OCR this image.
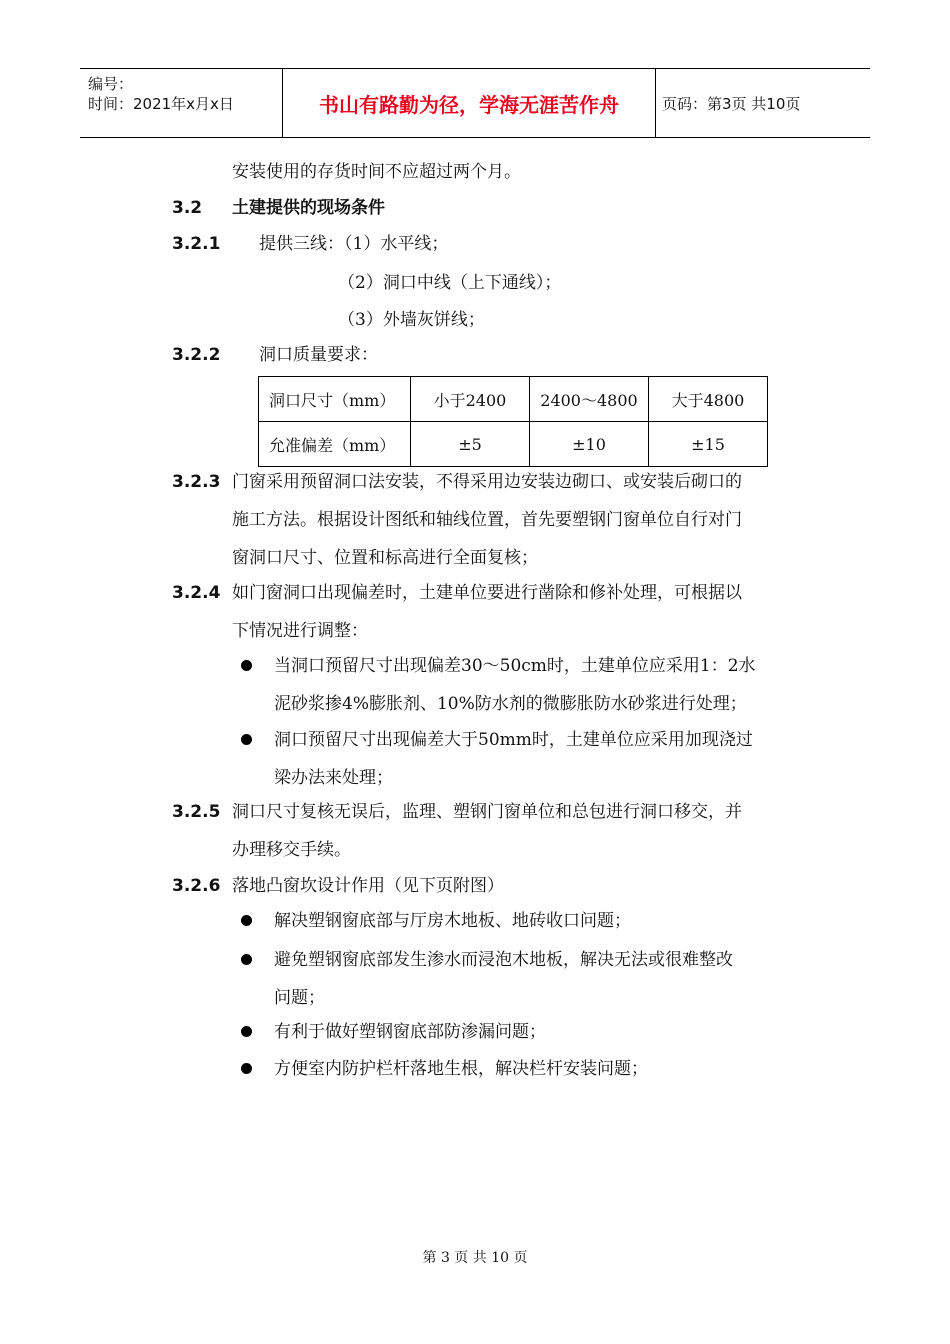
编号：
时间：2021年x月x日	书山有路勤为径，学海无涯苦作舟	页码：第3页 共10页
安装使用的存货时间不应超过两个月。
3.2 土建提供的现场条件
3.2.1 提供三线：（1）水平线；
（2）洞口中线（上下通线）；
（3）外墙灰饼线；
3.2.2 洞口质量要求：
洞口尺寸（mm）	小于2400	2400～4800	大于4800
允准偏差（mm）	±5	±10	±15
3.2.3 门窗采用预留洞口法安装，不得采用边安装边砌口、或安装后砌口的
施工方法。根据设计图纸和轴线位置，首先要塑钢门窗单位自行对门
窗洞口尺寸、位置和标高进行全面复核；
3.2.4 如门窗洞口出现偏差时，土建单位要进行凿除和修补处理，可根据以
下情况进行调整：
当洞口预留尺寸出现偏差30～50cm时，土建单位应采用1：2水
泥砂浆掺4%膨胀剂、10%防水剂的微膨胀防水砂浆进行处理；
洞口预留尺寸出现偏差大于50mm时，土建单位应采用加现浇过
梁办法来处理；
3.2.5 洞口尺寸复核无误后，监理、塑钢门窗单位和总包进行洞口移交，并
办理移交手续。
3.2.6 落地凸窗坎设计作用（见下页附图）
解决塑钢窗底部与厅房木地板、地砖收口问题；
避免塑钢窗底部发生渗水而浸泡木地板，解决无法或很难整改
问题；
有利于做好塑钢窗底部防渗漏问题；
方便室内防护栏杆落地生根，解决栏杆安装问题；
第 3 页 共 10 页
